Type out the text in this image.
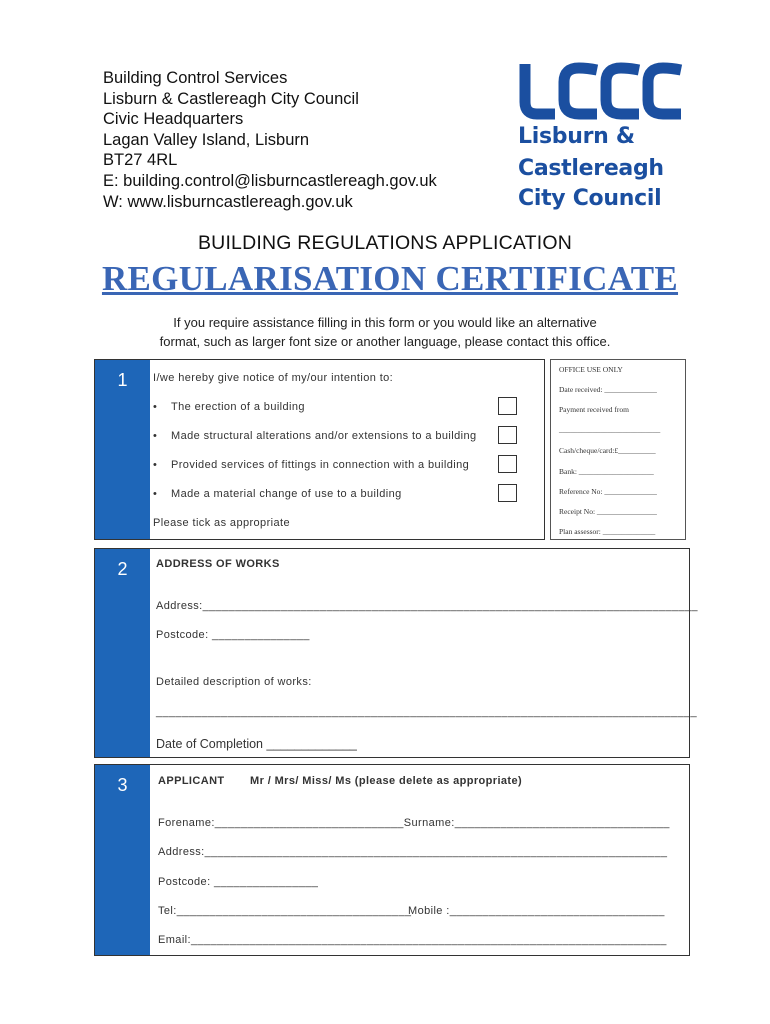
Building Control Services
Lisburn & Castlereagh City Council
Civic Headquarters
Lagan Valley Island, Lisburn
BT27 4RL
E: building.control@lisburncastlereagh.gov.uk
W: www.lisburncastlereagh.gov.uk
Lisburn &
Castlereagh
City Council
BUILDING REGULATIONS APPLICATION
REGULARISATION CERTIFICATE
If you require assistance filling in this form or you would like an alternative
format, such as larger font size or another language, please contact this office.
1	I/we hereby give notice of my/our intention to:
• The erection of a building
• Made structural alterations and/or extensions to a building
• Provided services of fittings in connection with a building
• Made a material change of use to a building
Please tick as appropriate
OFFICE USE ONLY
Date received: ______________
Payment received from
___________________________
Cash/cheque/card:£__________
Bank: ____________________
Reference No: ______________
Receipt No: ________________
Plan assessor: ______________
2	ADDRESS OF WORKS
Address:____________________________________________________________________________
Postcode: _______________
Detailed description of works:
___________________________________________________________________________________
Date of Completion _____________
3	APPLICANT Mr / Mrs/ Miss/ Ms (please delete as appropriate)
Forename:_____________________________Surname:_________________________________
Address:_______________________________________________________________________
Postcode: ________________
Tel:____________________________________
Mobile :_________________________________
Email:_________________________________________________________________________
